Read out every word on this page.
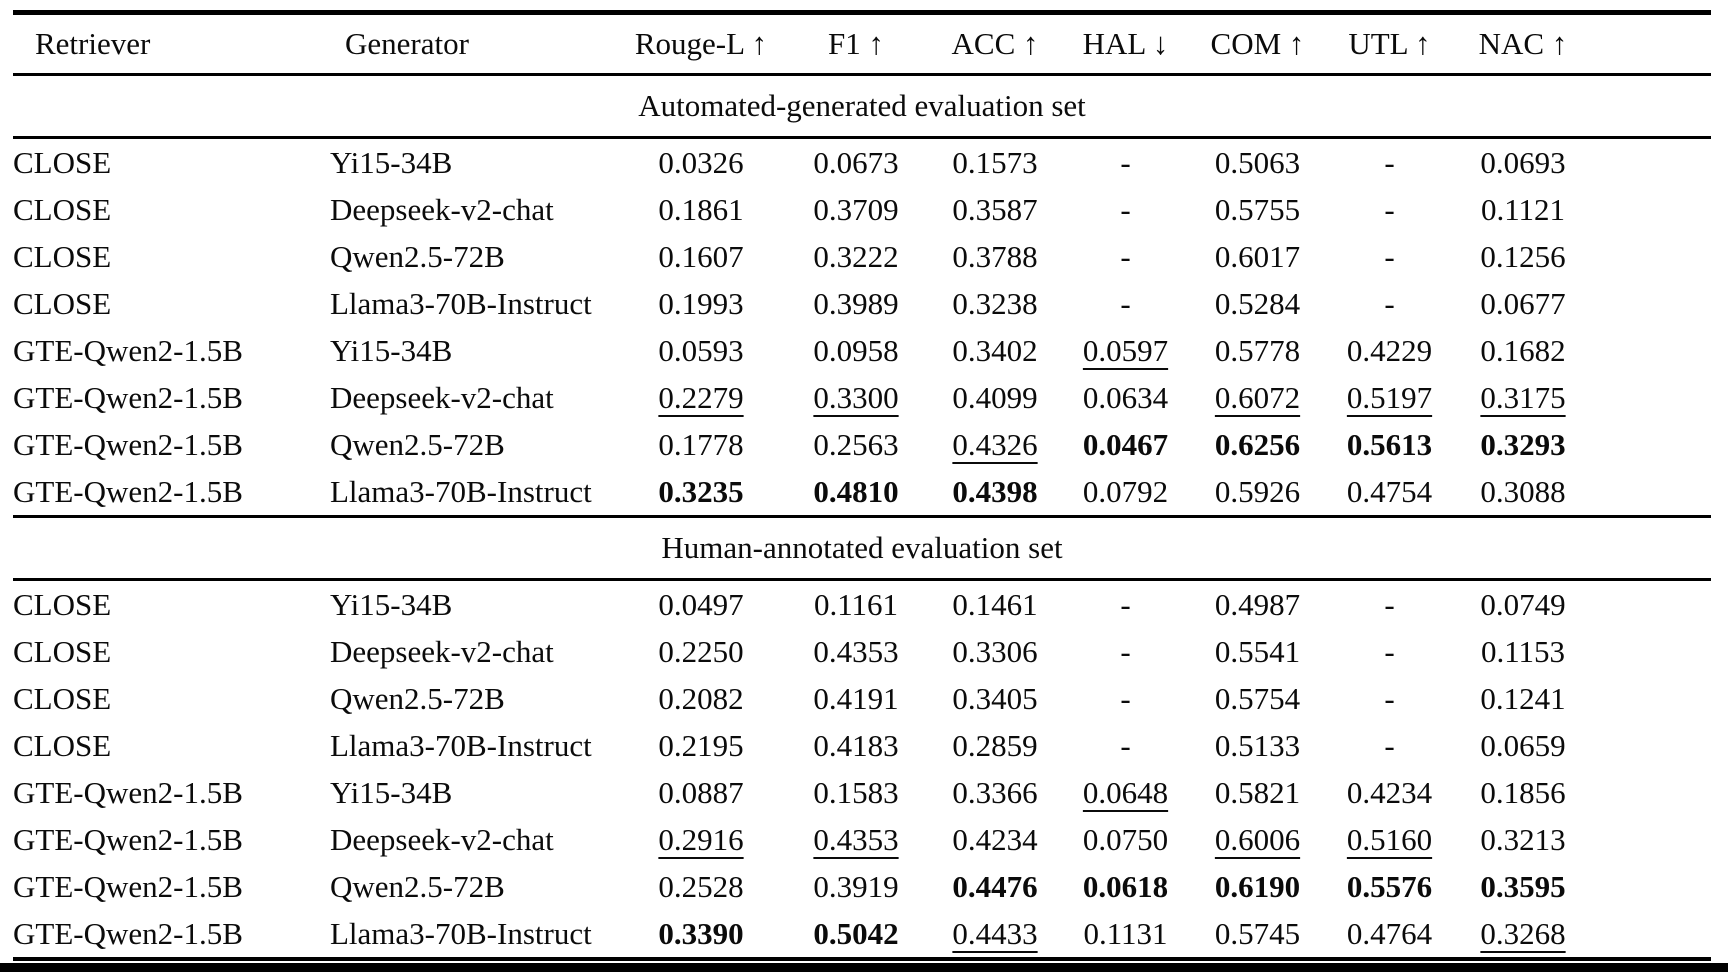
Retriever	Generator	Rouge-L ↑	F1 ↑	ACC ↑	HAL ↓	COM ↑	UTL ↑	NAC ↑
Automated-generated evaluation set								
CLOSE	Yi15-34B	0.0326	0.0673	0.1573	-	0.5063	-	0.0693
CLOSE	Deepseek-v2-chat	0.1861	0.3709	0.3587	-	0.5755	-	0.1121
CLOSE	Qwen2.5-72B	0.1607	0.3222	0.3788	-	0.6017	-	0.1256
CLOSE	Llama3-70B-Instruct	0.1993	0.3989	0.3238	-	0.5284	-	0.0677
GTE-Qwen2-1.5B	Yi15-34B	0.0593	0.0958	0.3402	0.0597	0.5778	0.4229	0.1682
GTE-Qwen2-1.5B	Deepseek-v2-chat	0.2279	0.3300	0.4099	0.0634	0.6072	0.5197	0.3175
GTE-Qwen2-1.5B	Qwen2.5-72B	0.1778	0.2563	0.4326	0.0467	0.6256	0.5613	0.3293
GTE-Qwen2-1.5B	Llama3-70B-Instruct	0.3235	0.4810	0.4398	0.0792	0.5926	0.4754	0.3088
Human-annotated evaluation set								
CLOSE	Yi15-34B	0.0497	0.1161	0.1461	-	0.4987	-	0.0749
CLOSE	Deepseek-v2-chat	0.2250	0.4353	0.3306	-	0.5541	-	0.1153
CLOSE	Qwen2.5-72B	0.2082	0.4191	0.3405	-	0.5754	-	0.1241
CLOSE	Llama3-70B-Instruct	0.2195	0.4183	0.2859	-	0.5133	-	0.0659
GTE-Qwen2-1.5B	Yi15-34B	0.0887	0.1583	0.3366	0.0648	0.5821	0.4234	0.1856
GTE-Qwen2-1.5B	Deepseek-v2-chat	0.2916	0.4353	0.4234	0.0750	0.6006	0.5160	0.3213
GTE-Qwen2-1.5B	Qwen2.5-72B	0.2528	0.3919	0.4476	0.0618	0.6190	0.5576	0.3595
GTE-Qwen2-1.5B	Llama3-70B-Instruct	0.3390	0.5042	0.4433	0.1131	0.5745	0.4764	0.3268
